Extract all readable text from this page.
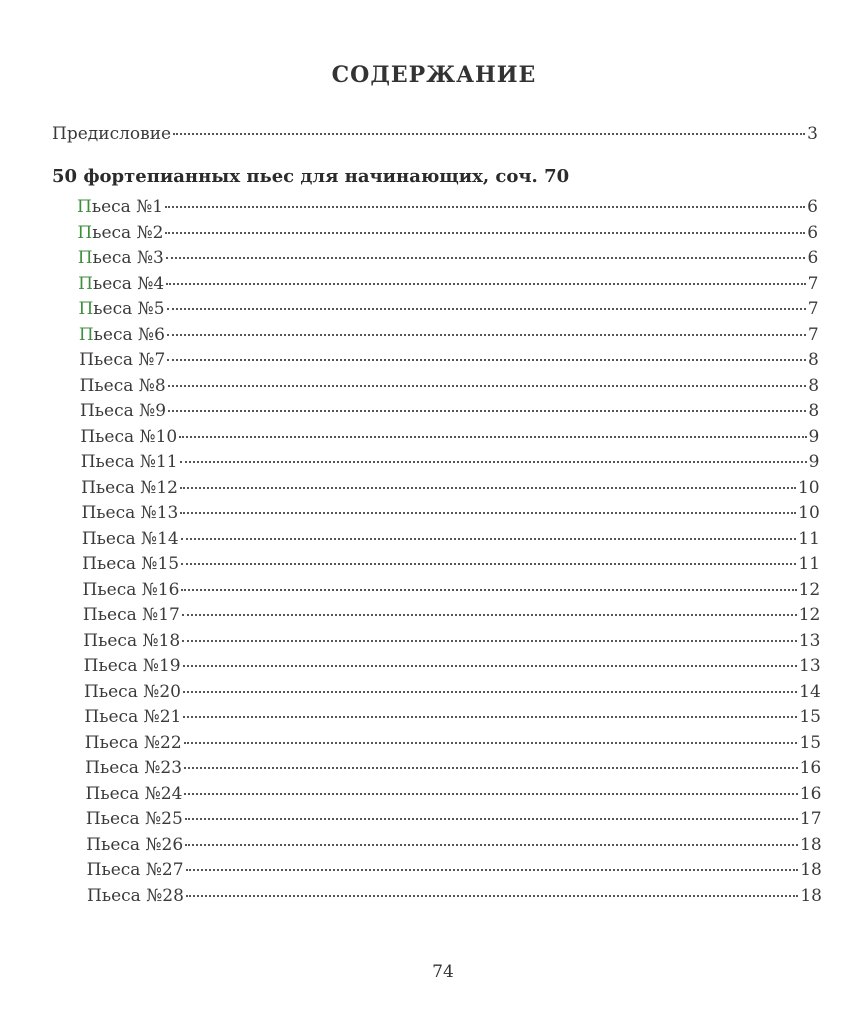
СОДЕРЖАНИЕ
Предисловие	3
50 фортепианных пьес для начинающих, соч. 70
Пьеса №1	6
Пьеса №2	6
Пьеса №3	6
Пьеса №4	7
Пьеса №5	7
Пьеса №6	7
Пьеса №7	8
Пьеса №8	8
Пьеса №9	8
Пьеса №10	9
Пьеса №11	9
Пьеса №12	10
Пьеса №13	10
Пьеса №14	11
Пьеса №15	11
Пьеса №16	12
Пьеса №17	12
Пьеса №18	13
Пьеса №19	13
Пьеса №20	14
Пьеса №21	15
Пьеса №22	15
Пьеса №23	16
Пьеса №24	16
Пьеса №25	17
Пьеса №26	18
Пьеса №27	18
Пьеса №28	18
74
